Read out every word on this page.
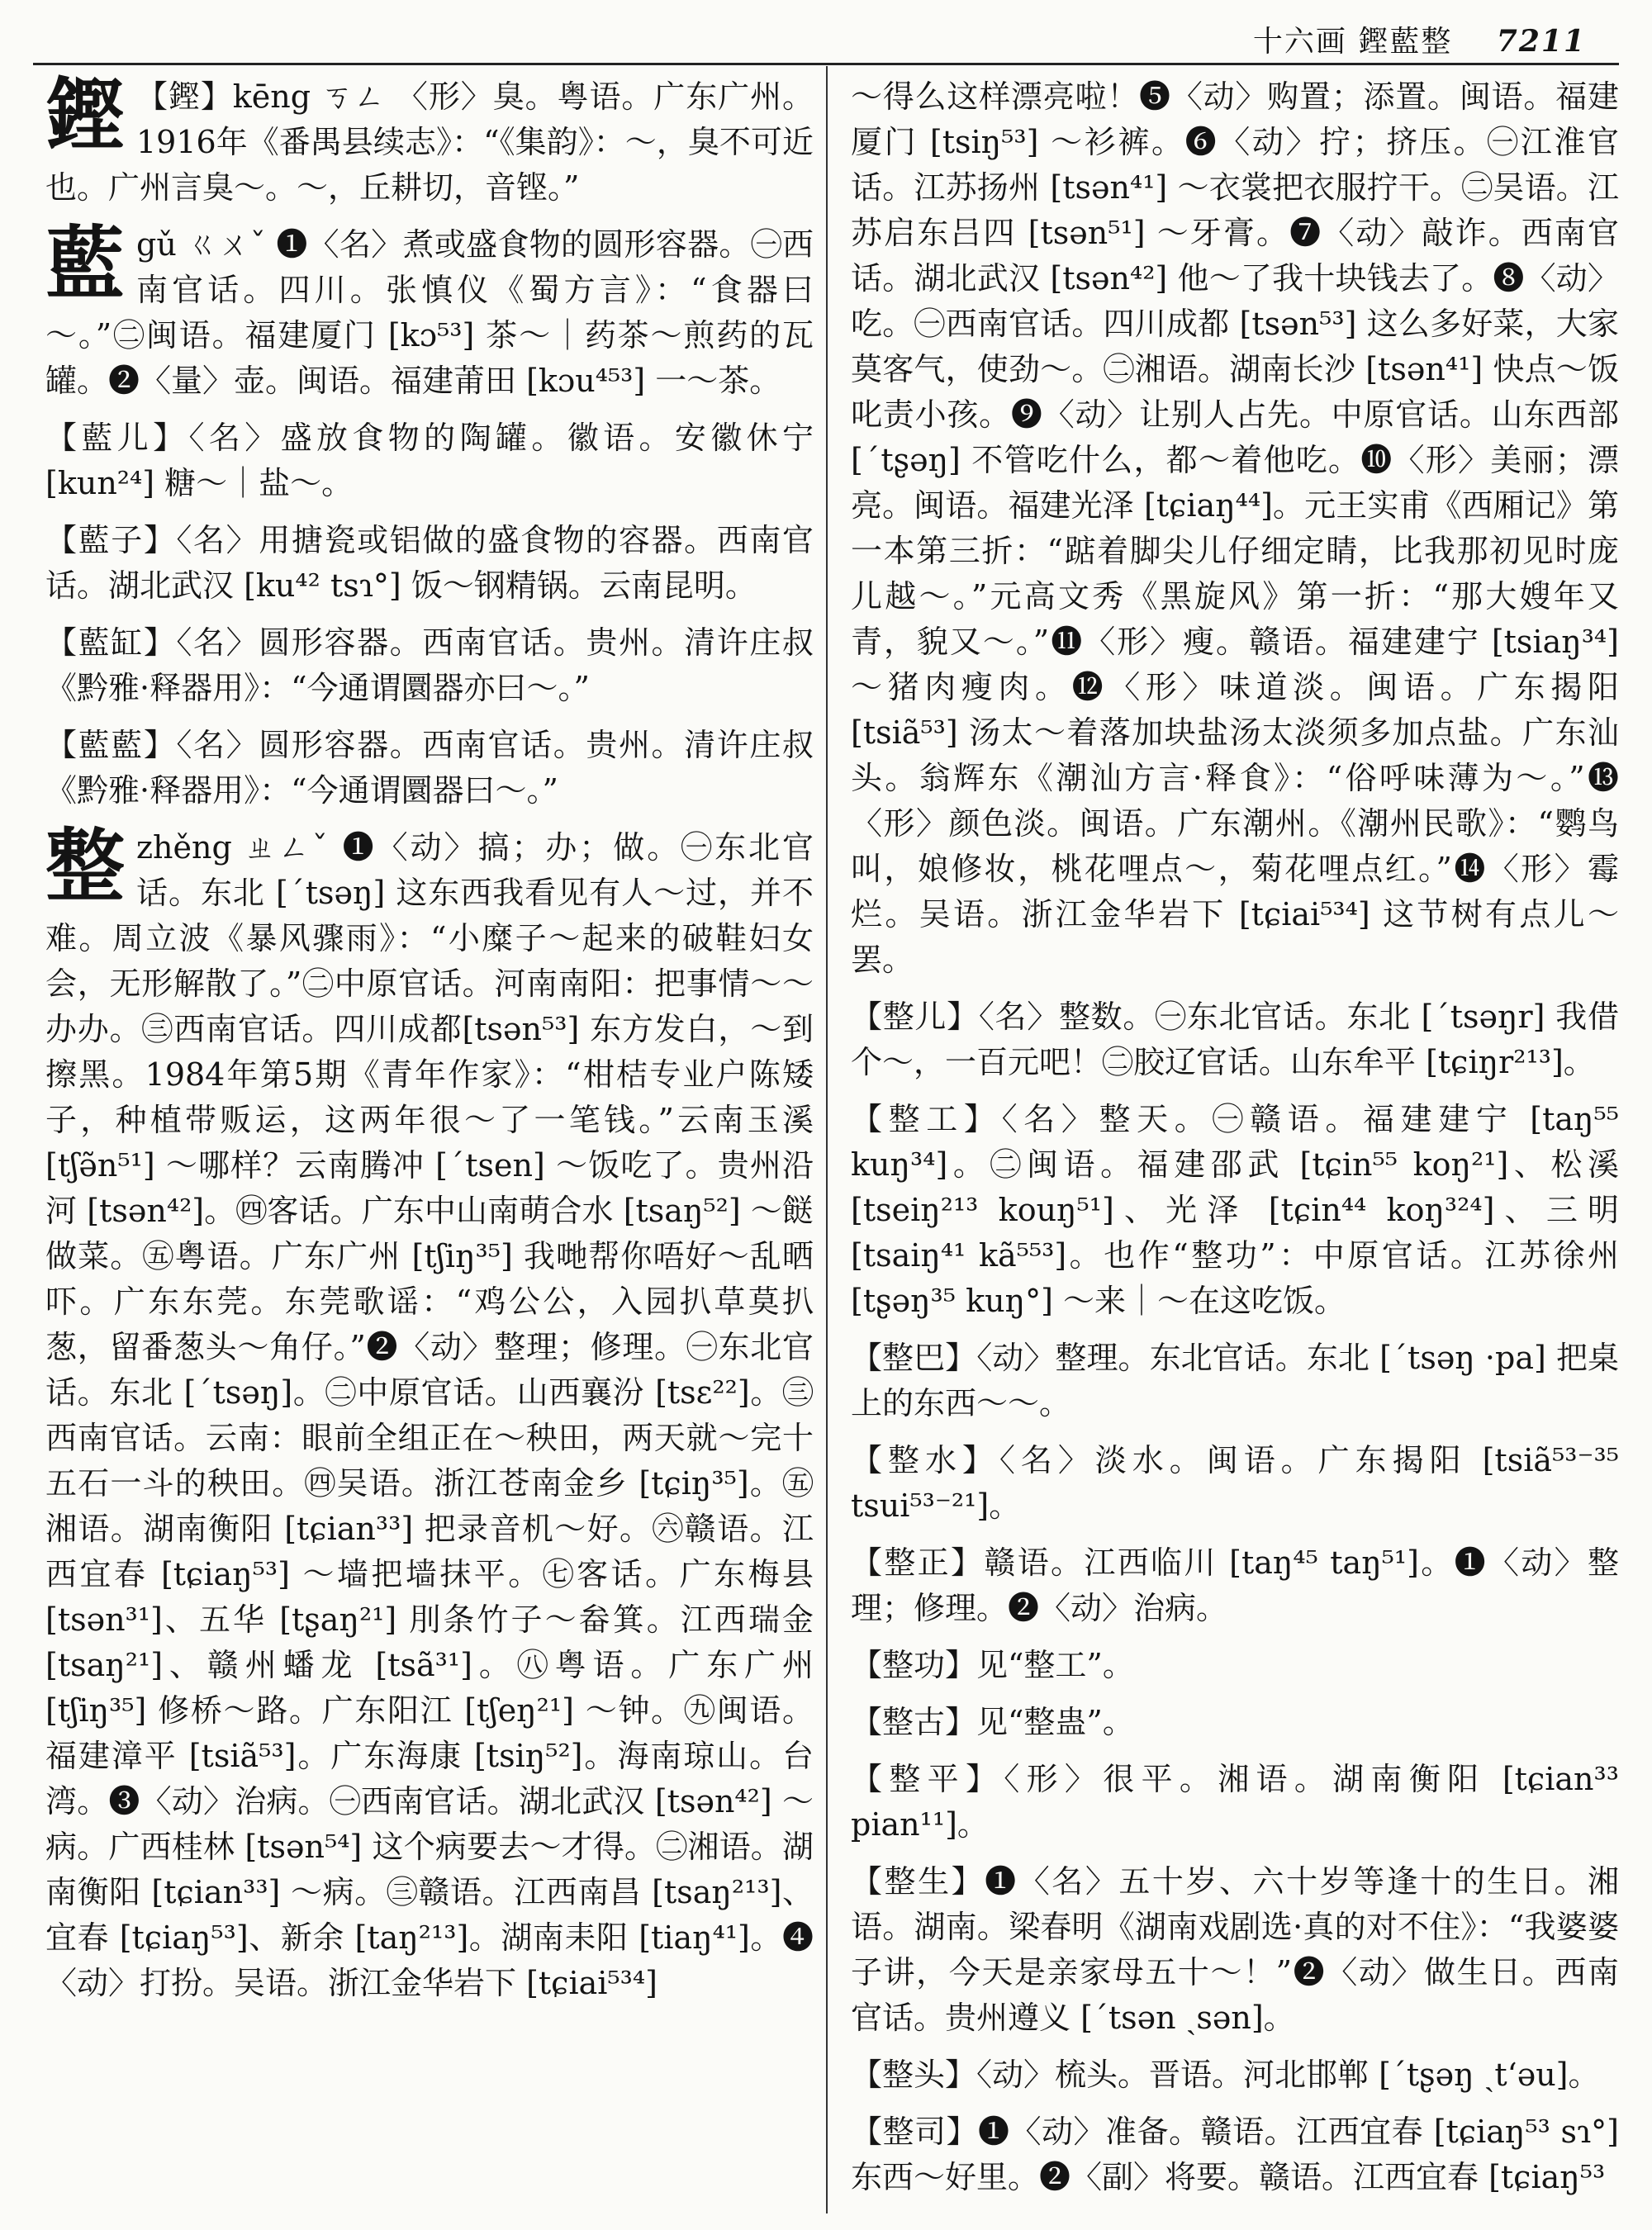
十六画 鏗藍整 7211
鏗 【鏗】kēng ㄎㄥ 〈形〉臭。粤语。广东广州。1916年《番禺县续志》：“《集韵》：～，臭不可近也。广州言臭～。～，丘耕切，音铿。”
藍 gǔ ㄍㄨˇ ❶〈名〉煮或盛食物的圆形容器。㊀西南官话。四川。张慎仪《蜀方言》：“食器曰～。”㊁闽语。福建厦门 [kɔ⁵³] 茶～｜药茶～煎药的瓦罐。❷〈量〉壶。闽语。福建莆田 [kɔu⁴⁵³] 一～茶。
【藍儿】〈名〉盛放食物的陶罐。徽语。安徽休宁 [kun²⁴] 糖～｜盐～。
【藍子】〈名〉用搪瓷或铝做的盛食物的容器。西南官话。湖北武汉 [ku⁴² tsɿ°] 饭～钢精锅。云南昆明。
【藍缸】〈名〉圆形容器。西南官话。贵州。清许庄叔《黔雅·释器用》：“今通谓圜器亦曰～。”
【藍藍】〈名〉圆形容器。西南官话。贵州。清许庄叔《黔雅·释器用》：“今通谓圜器曰～。”
整 zhěng ㄓㄥˇ ❶〈动〉搞；办；做。㊀东北官话。东北 [ˊtsəŋ] 这东西我看见有人～过，并不难。周立波《暴风骤雨》：“小糜子～起来的破鞋妇女会，无形解散了。”㊁中原官话。河南南阳：把事情～～办办。㊂西南官话。四川成都[tsən⁵³] 东方发白，～到擦黑。1984年第5期《青年作家》：“柑桔专业户陈矮子，种植带贩运，这两年很～了一笔钱。”云南玉溪 [tʃə̃n⁵¹] ～哪样？云南腾冲 [ˊtsen] ～饭吃了。贵州沿河 [tsən⁴²]。㊃客话。广东中山南萌合水 [tsaŋ⁵²] ～餸做菜。㊄粤语。广东广州 [tʃiŋ³⁵] 我哋帮你唔好～乱晒吓。广东东莞。东莞歌谣：“鸡公公，入园扒草莫扒葱，留番葱头～角仔。”❷〈动〉整理；修理。㊀东北官话。东北 [ˊtsəŋ]。㊁中原官话。山西襄汾 [tsɛ²²]。㊂西南官话。云南：眼前全组正在～秧田，两天就～完十五石一斗的秧田。㊃吴语。浙江苍南金乡 [tɕiŋ³⁵]。㊄湘语。湖南衡阳 [tɕian³³] 把录音机～好。㊅赣语。江西宜春 [tɕiaŋ⁵³] ～墙把墙抹平。㊆客话。广东梅县 [tsən³¹]、五华 [tʂaŋ²¹] 刖条竹子～畚箕。江西瑞金 [tsaŋ²¹]、赣州蟠龙 [tsã³¹]。㊇粤语。广东广州 [tʃiŋ³⁵] 修桥～路。广东阳江 [tʃeŋ²¹] ～钟。㊈闽语。福建漳平 [tsiã⁵³]。广东海康 [tsiŋ⁵²]。海南琼山。台湾。❸〈动〉治病。㊀西南官话。湖北武汉 [tsən⁴²] ～病。广西桂林 [tsən⁵⁴] 这个病要去～才得。㊁湘语。湖南衡阳 [tɕian³³] ～病。㊂赣语。江西南昌 [tsaŋ²¹³]、宜春 [tɕiaŋ⁵³]、新余 [taŋ²¹³]。湖南耒阳 [tiaŋ⁴¹]。❹〈动〉打扮。吴语。浙江金华岩下 [tɕiai⁵³⁴]
～得么这样漂亮啦！❺〈动〉购置；添置。闽语。福建厦门 [tsiŋ⁵³] ～衫裤。❻〈动〉拧；挤压。㊀江淮官话。江苏扬州 [tsən⁴¹] ～衣裳把衣服拧干。㊁吴语。江苏启东吕四 [tsən⁵¹] ～牙膏。❼〈动〉敲诈。西南官话。湖北武汉 [tsən⁴²] 他～了我十块钱去了。❽〈动〉吃。㊀西南官话。四川成都 [tsən⁵³] 这么多好菜，大家莫客气，使劲～。㊁湘语。湖南长沙 [tsən⁴¹] 快点～饭叱责小孩。❾〈动〉让别人占先。中原官话。山东西部 [ˊtʂəŋ] 不管吃什么，都～着他吃。❿〈形〉美丽；漂亮。闽语。福建光泽 [tɕiaŋ⁴⁴]。元王实甫《西厢记》第一本第三折：“踮着脚尖儿仔细定睛，比我那初见时庞儿越～。”元高文秀《黑旋风》第一折：“那大嫂年又青，貌又～。”⓫〈形〉瘦。赣语。福建建宁 [tsiaŋ³⁴] ～猪肉瘦肉。⓬〈形〉味道淡。闽语。广东揭阳 [tsiã⁵³] 汤太～着落加块盐汤太淡须多加点盐。广东汕头。翁辉东《潮汕方言·释食》：“俗呼味薄为～。”⓭〈形〉颜色淡。闽语。广东潮州。《潮州民歌》：“鹦鸟叫，娘修妆，桃花哩点～，菊花哩点红。”⓮〈形〉霉烂。吴语。浙江金华岩下 [tɕiai⁵³⁴] 这节树有点儿～罢。
【整儿】〈名〉整数。㊀东北官话。东北 [ˊtsəŋr] 我借个～，一百元吧！㊁胶辽官话。山东牟平 [tɕiŋr²¹³]。
【整工】〈名〉整天。㊀赣语。福建建宁 [taŋ⁵⁵ kuŋ³⁴]。㊁闽语。福建邵武 [tɕin⁵⁵ koŋ²¹]、松溪 [tseiŋ²¹³ kouŋ⁵¹]、光泽 [tɕin⁴⁴ koŋ³²⁴]、三明 [tsaiŋ⁴¹ kã⁵⁵³]。也作“整功”：中原官话。江苏徐州 [tʂəŋ³⁵ kuŋ°] ～来｜～在这吃饭。
【整巴】〈动〉整理。东北官话。东北 [ˊtsəŋ ·pa] 把桌上的东西～～。
【整水】〈名〉淡水。闽语。广东揭阳 [tsiã⁵³⁻³⁵ tsui⁵³⁻²¹]。
【整正】赣语。江西临川 [taŋ⁴⁵ taŋ⁵¹]。❶〈动〉整理；修理。❷〈动〉治病。
【整功】见“整工”。
【整古】见“整蛊”。
【整平】〈形〉很平。湘语。湖南衡阳 [tɕian³³ pian¹¹]。
【整生】❶〈名〉五十岁、六十岁等逢十的生日。湘语。湖南。梁春明《湖南戏剧选·真的对不住》：“我婆婆子讲，今天是亲家母五十～！”❷〈动〉做生日。西南官话。贵州遵义 [ˊtsən ˏsən]。
【整头】〈动〉梳头。晋语。河北邯郸 [ˊtʂəŋ ˏtʻəu]。
【整司】❶〈动〉准备。赣语。江西宜春 [tɕiaŋ⁵³ sɿ°] 东西～好里。❷〈副〉将要。赣语。江西宜春 [tɕiaŋ⁵³
